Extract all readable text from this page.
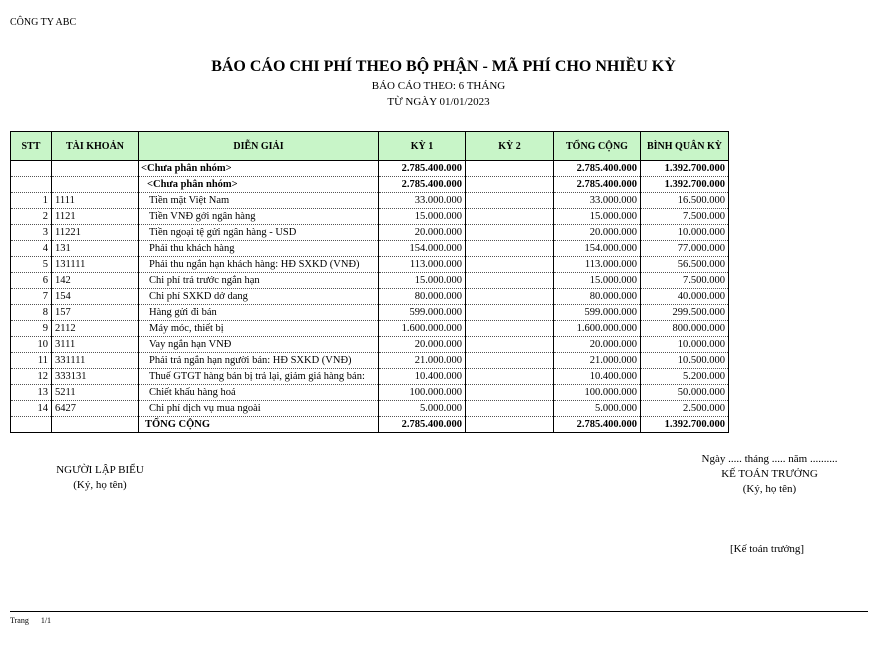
CÔNG TY ABC
BÁO CÁO CHI PHÍ THEO BỘ PHẬN - MÃ PHÍ CHO NHIỀU KỲ
BÁO CÁO THEO: 6 THÁNG
TỪ NGÀY 01/01/2023
STT	TÀI KHOẢN	DIỄN GIẢI	KỲ 1	KỲ 2	TỔNG CỘNG	BÌNH QUÂN KỲ
		<Chưa phân nhóm>	2.785.400.000		2.785.400.000	1.392.700.000
		<Chưa phân nhóm>	2.785.400.000		2.785.400.000	1.392.700.000
1	1111	Tiền mặt Việt Nam	33.000.000		33.000.000	16.500.000
2	1121	Tiền VNĐ gởi ngân hàng	15.000.000		15.000.000	7.500.000
3	11221	Tiền ngoại tệ gửi ngân hàng - USD	20.000.000		20.000.000	10.000.000
4	131	Phải thu khách hàng	154.000.000		154.000.000	77.000.000
5	131111	Phải thu ngắn hạn khách hàng: HĐ SXKD (VNĐ)	113.000.000		113.000.000	56.500.000
6	142	Chi phí trả trước ngắn hạn	15.000.000		15.000.000	7.500.000
7	154	Chi phí SXKD dở dang	80.000.000		80.000.000	40.000.000
8	157	Hàng gửi đi bán	599.000.000		599.000.000	299.500.000
9	2112	Máy móc, thiết bị	1.600.000.000		1.600.000.000	800.000.000
10	3111	Vay ngắn hạn VNĐ	20.000.000		20.000.000	10.000.000
11	331111	Phải trả ngắn hạn người bán: HĐ SXKD (VNĐ)	21.000.000		21.000.000	10.500.000
12	333131	Thuế GTGT hàng bán bị trả lại, giảm giá hàng bán:	10.400.000		10.400.000	5.200.000
13	5211	Chiết khấu hàng hoá	100.000.000		100.000.000	50.000.000
14	6427	Chi phí dịch vụ mua ngoài	5.000.000		5.000.000	2.500.000
		TỔNG CỘNG	2.785.400.000		2.785.400.000	1.392.700.000
NGƯỜI LẬP BIỂU
(Ký, họ tên)
Ngày ..... tháng ..... năm ..........
KẾ TOÁN TRƯỞNG
(Ký, họ tên)
[Kế toán trưởng]
Trang 1/1
